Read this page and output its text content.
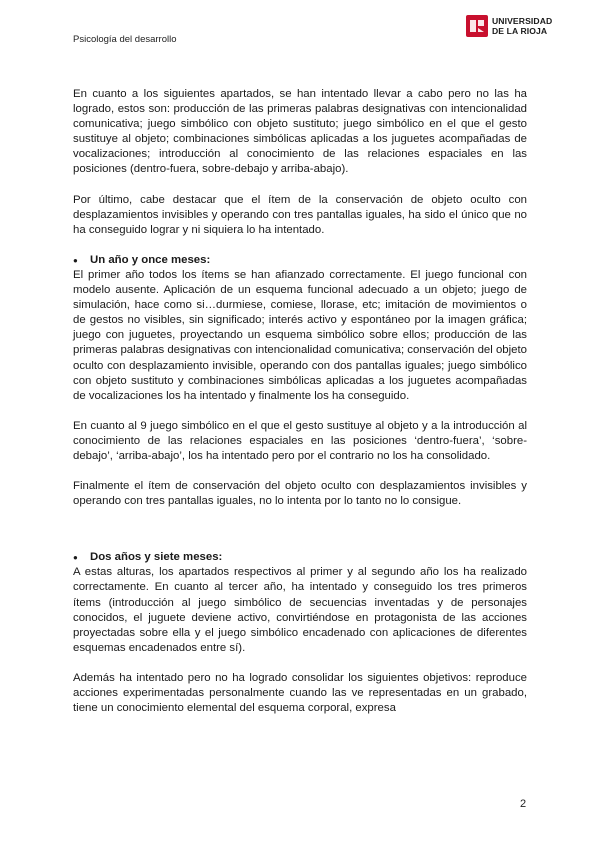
Psicología del desarrollo
UNIVERSIDAD
DE LA RIOJA

En cuanto a los siguientes apartados, se han intentado llevar a cabo pero no las ha logrado, estos son: producción de las primeras palabras designativas con intencionalidad comunicativa; juego simbólico con objeto sustituto; juego simbólico en el que el gesto sustituye al objeto; combinaciones simbólicas aplicadas a los juguetes acompañadas de vocalizaciones; introducción al conocimiento de las relaciones espaciales en las posiciones (dentro-fuera, sobre-debajo y arriba-abajo).

Por último, cabe destacar que el ítem de la conservación de objeto oculto con desplazamientos invisibles y operando con tres pantallas iguales, ha sido el único que no ha conseguido lograr y ni siquiera lo ha intentado.

● Un año y once meses:

El primer año todos los ítems se han afianzado correctamente. El juego funcional con modelo ausente. Aplicación de un esquema funcional adecuado a un objeto; juego de simulación, hace como si…durmiese, comiese, llorase, etc; imitación de movimientos o de gestos no visibles, sin significado; interés activo y espontáneo por la imagen gráfica; juego con juguetes, proyectando un esquema simbólico sobre ellos; producción de las primeras palabras designativas con intencionalidad comunicativa; conservación del objeto oculto con desplazamiento invisible, operando con dos pantallas iguales; juego simbólico con objeto sustituto y combinaciones simbólicas aplicadas a los juguetes acompañadas de vocalizaciones los ha intentado y finalmente los ha conseguido.

En cuanto al 9 juego simbólico en el que el gesto sustituye al objeto y a la introducción al conocimiento de las relaciones espaciales en las posiciones ‘dentro-fuera’, ‘sobre-debajo’, ‘arriba-abajo’, los ha intentado pero por el contrario no los ha consolidado.

Finalmente el ítem de conservación del objeto oculto con desplazamientos invisibles y operando con tres pantallas iguales, no lo intenta por lo tanto no lo consigue.

● Dos años y siete meses:

A estas alturas, los apartados respectivos al primer y al segundo año los ha realizado correctamente. En cuanto al tercer año, ha intentado y conseguido los tres primeros ítems (introducción al juego simbólico de secuencias inventadas y de personajes conocidos, el juguete deviene activo, convirtiéndose en protagonista de las acciones proyectadas sobre ella y el juego simbólico encadenado con aplicaciones de diferentes esquemas encadenados entre sí).

Además ha intentado pero no ha logrado consolidar los siguientes objetivos: reproduce acciones experimentadas personalmente cuando las ve representadas en un grabado, tiene un conocimiento elemental del esquema corporal, expresa

2
